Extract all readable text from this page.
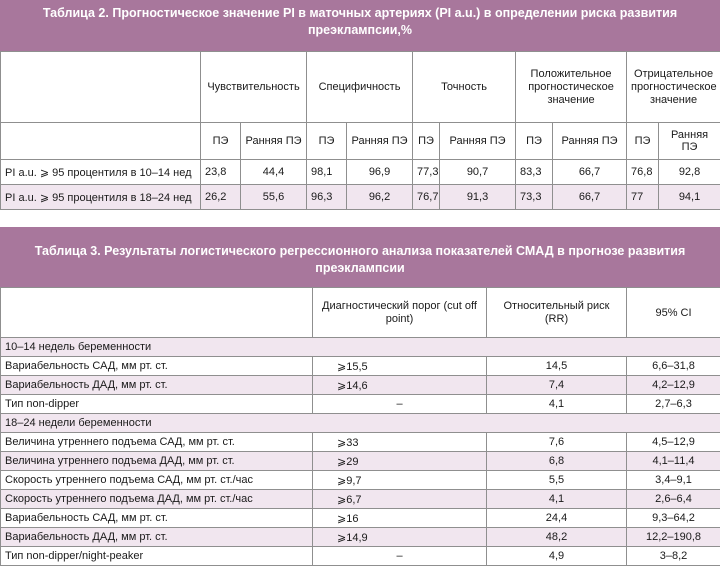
Таблица 2. Прогностическое значение PI в маточных артериях (PI a.u.) в определении риска развития преэклампсии,%
	Чувствительность		Специфичность		Точность		Положительное прогностическое значение		Отрицательное прогностическое значение	
	ПЭ	Ранняя ПЭ	ПЭ	Ранняя ПЭ	ПЭ	Ранняя ПЭ	ПЭ	Ранняя ПЭ	ПЭ	Ранняя ПЭ
PI a.u. ⩾ 95 процентиля в 10–14 нед	23,8	44,4	98,1	96,9	77,3	90,7	83,3	66,7	76,8	92,8
PI a.u. ⩾ 95 процентиля в 18–24 нед	26,2	55,6	96,3	96,2	76,7	91,3	73,3	66,7	77	94,1
Таблица 3. Результаты логистического регрессионного анализа показателей СМАД в прогнозе развития преэклампсии
	Диагностический порог (cut off point)	Относительный риск (RR)	95% CI
10–14 недель беременности			
Вариабельность САД, мм рт. ст.	⩾15,5	14,5	6,6–31,8
Вариабельность ДАД, мм рт. ст.	⩾14,6	7,4	4,2–12,9
Тип non-dipper	–	4,1	2,7–6,3
18–24 недели беременности			
Величина утреннего подъема САД, мм рт. ст.	⩾33	7,6	4,5–12,9
Величина утреннего подъема ДАД, мм рт. ст.	⩾29	6,8	4,1–11,4
Скорость утреннего подъема САД, мм рт. ст./час	⩾9,7	5,5	3,4–9,1
Скорость утреннего подъема ДАД, мм рт. ст./час	⩾6,7	4,1	2,6–6,4
Вариабельность САД, мм рт. ст.	⩾16	24,4	9,3–64,2
Вариабельность ДАД, мм рт. ст.	⩾14,9	48,2	12,2–190,8
Тип non-dipper/night-peaker	–	4,9	3–8,2
